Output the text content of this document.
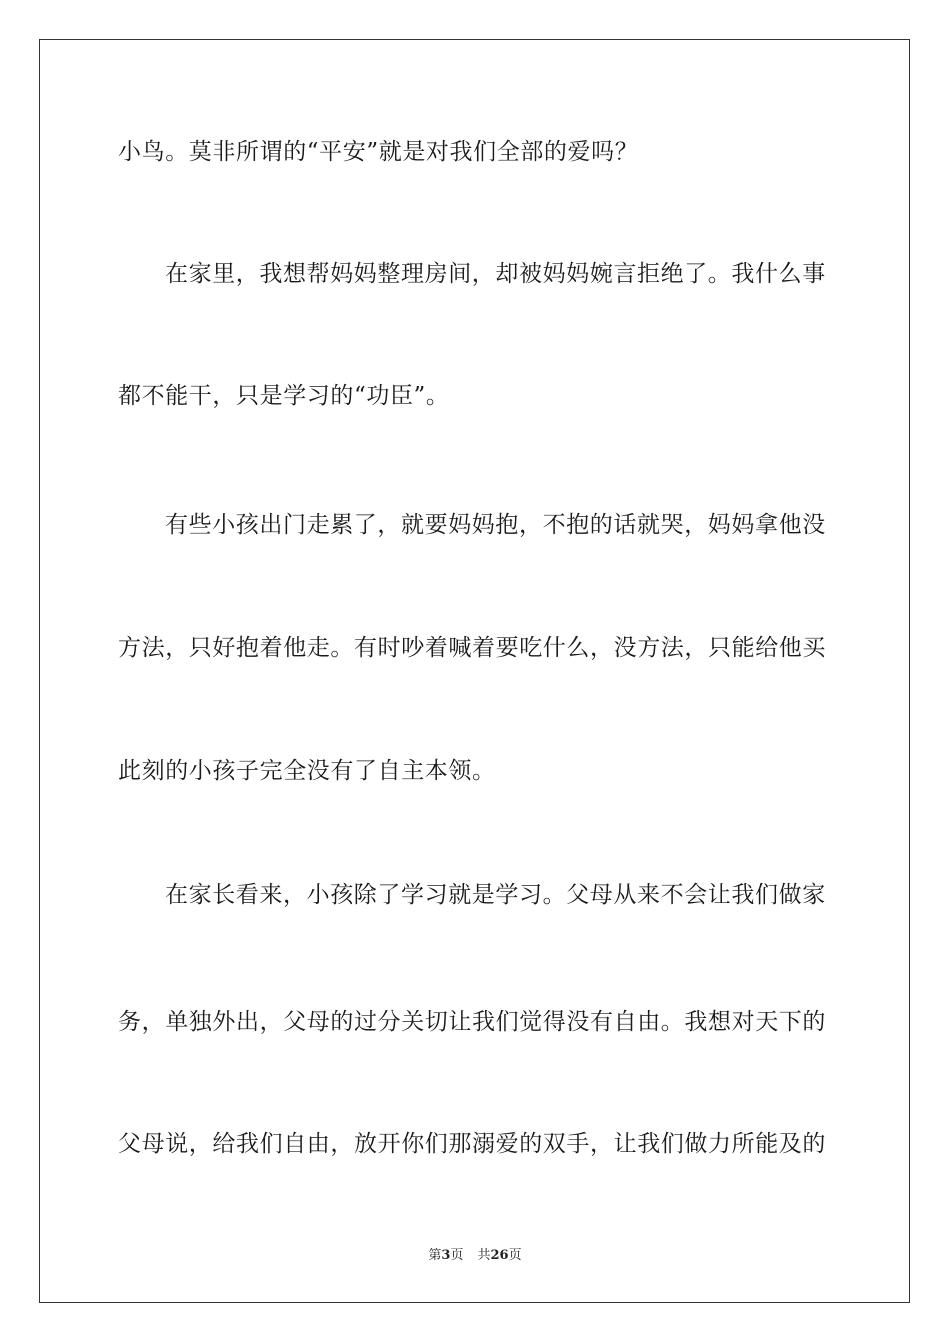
小鸟。莫非所谓的“平安”就是对我们全部的爱吗？
在家里，我想帮妈妈整理房间，却被妈妈婉言拒绝了。我什么事
都不能干，只是学习的“功臣”。
有些小孩出门走累了，就要妈妈抱，不抱的话就哭，妈妈拿他没
方法，只好抱着他走。有时吵着喊着要吃什么，没方法，只能给他买
此刻的小孩子完全没有了自主本领。
在家长看来，小孩除了学习就是学习。父母从来不会让我们做家
务，单独外出，父母的过分关切让我们觉得没有自由。我想对天下的
父母说，给我们自由，放开你们那溺爱的双手，让我们做力所能及的
第3页 共26页
